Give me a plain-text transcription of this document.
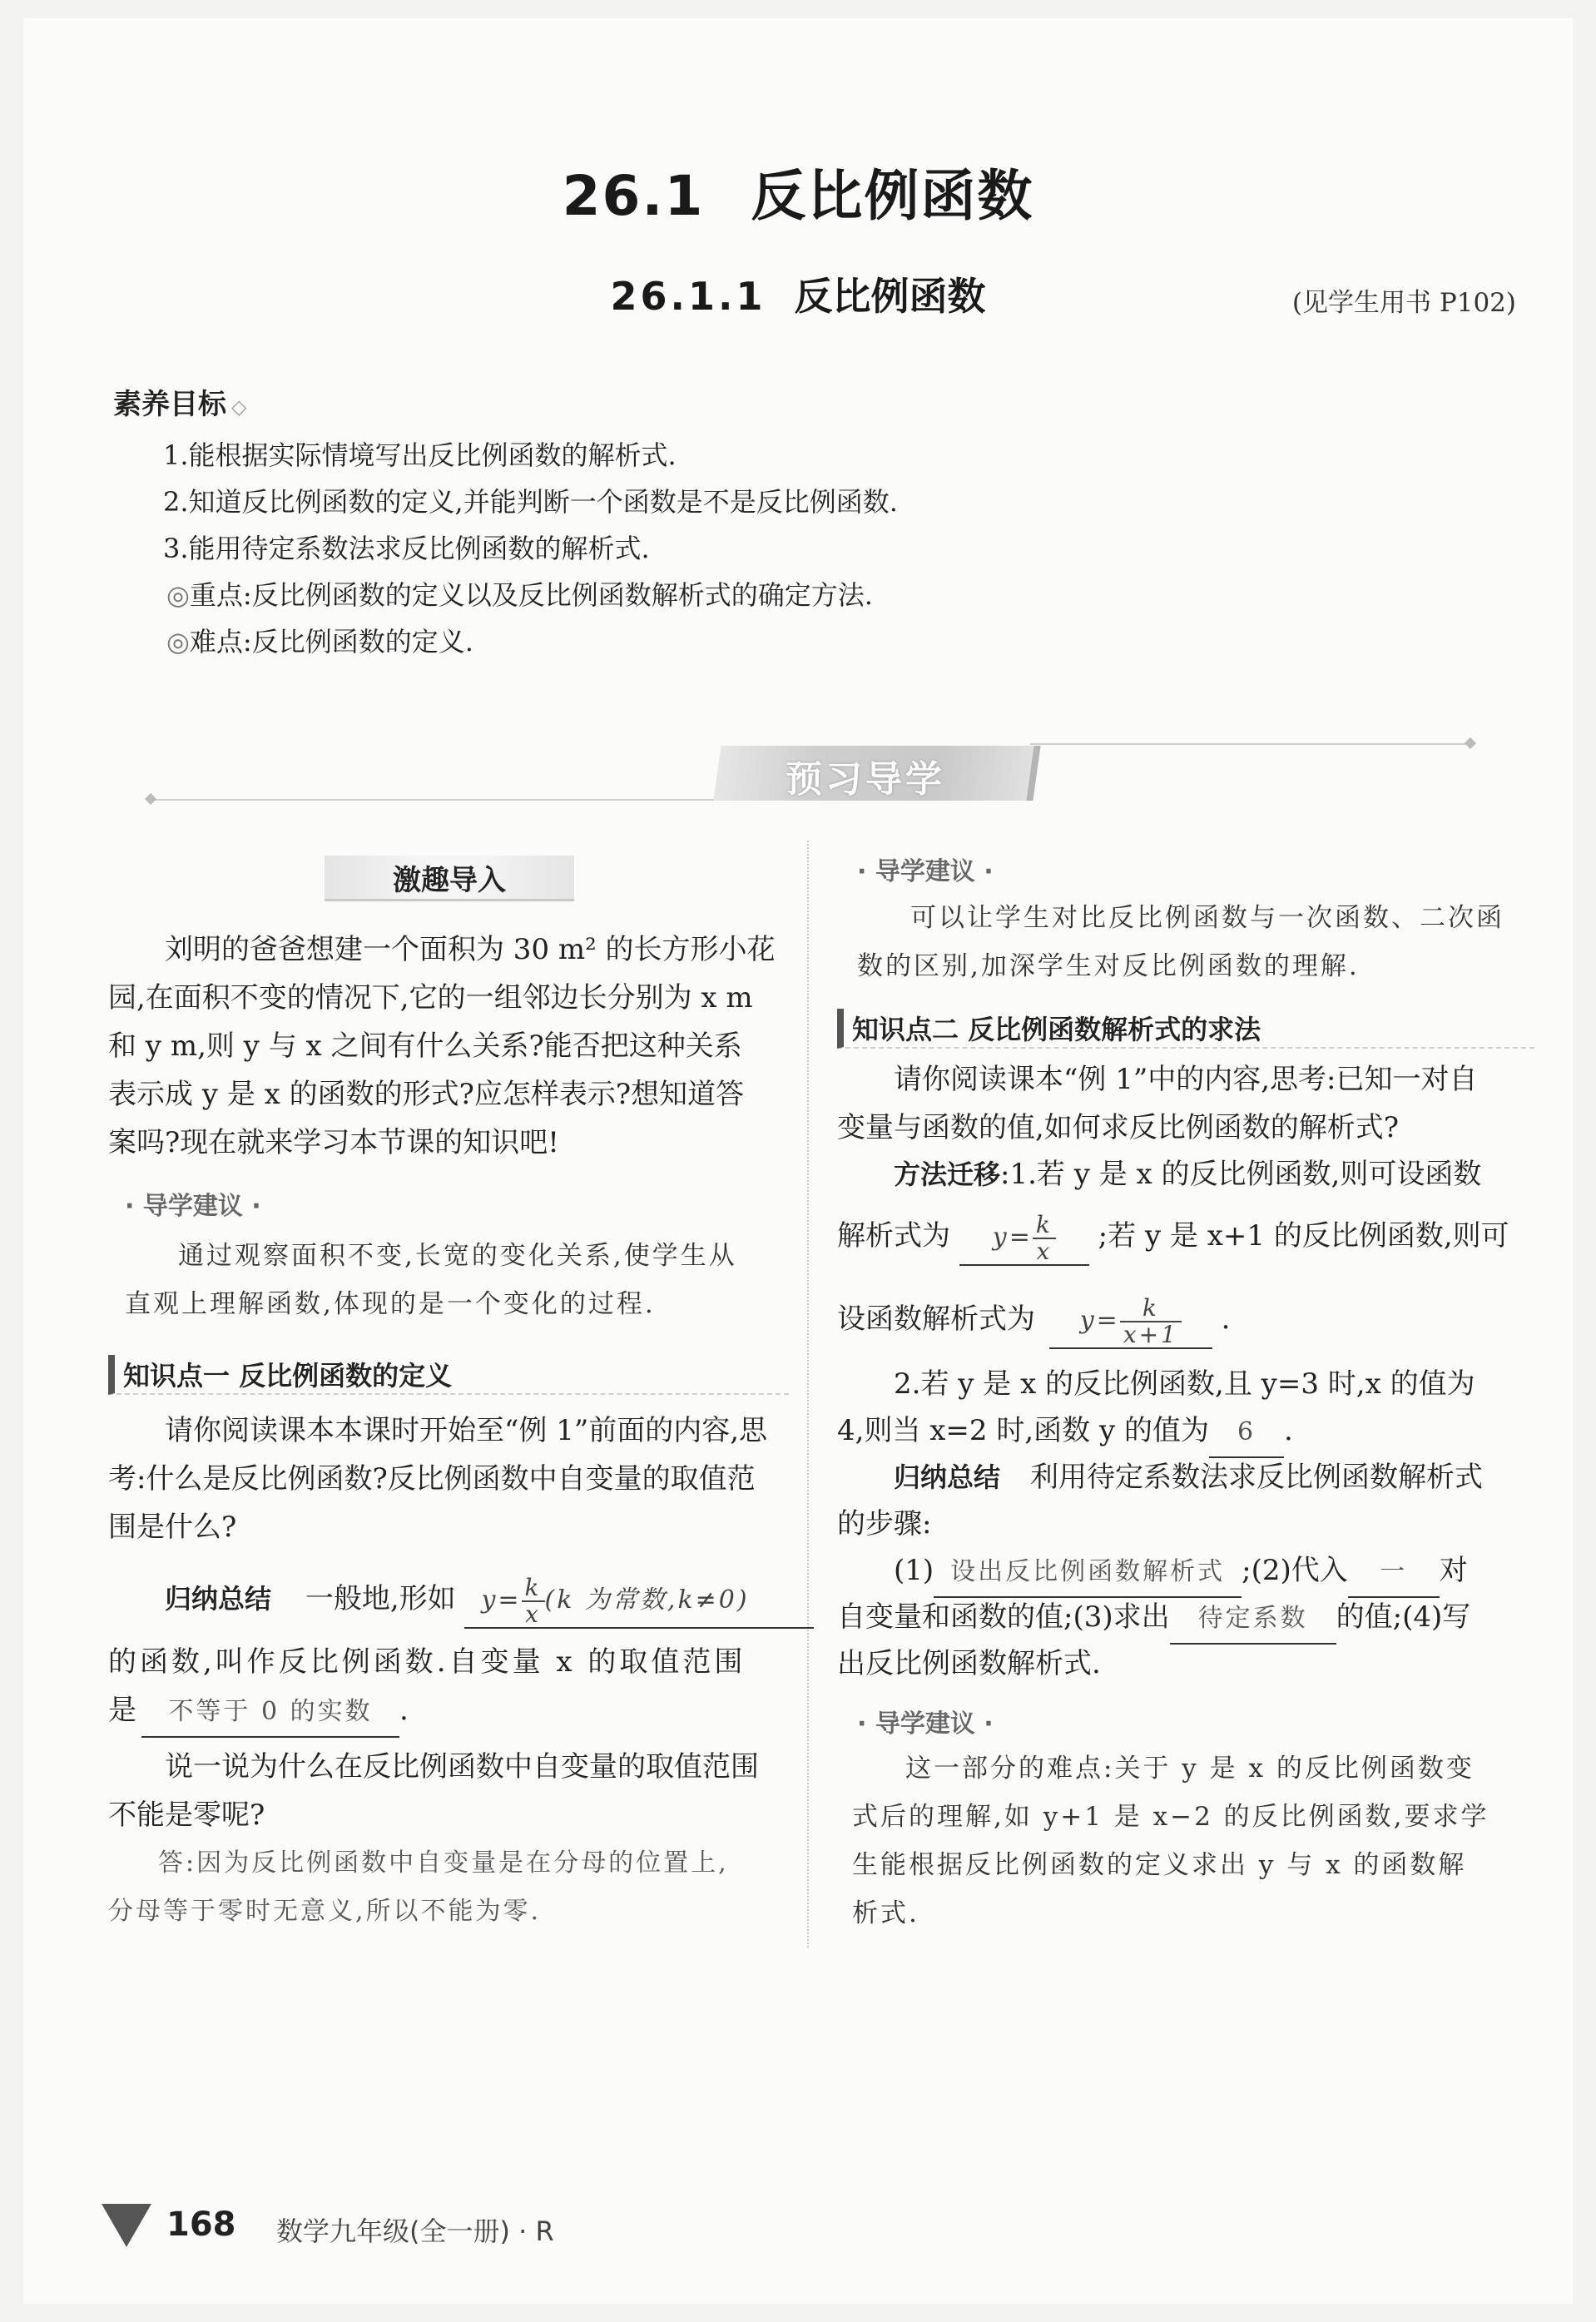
26.1 反比例函数
26.1.1 反比例函数	(见学生用书 P102)
素养目标 ◇
1.能根据实际情境写出反比例函数的解析式.
2.知道反比例函数的定义,并能判断一个函数是不是反比例函数.
3.能用待定系数法求反比例函数的解析式.
◎重点:反比例函数的定义以及反比例函数解析式的确定方法.
◎难点:反比例函数的定义.
预习导学
激趣导入

刘明的爸爸想建一个面积为 30 m² 的长方形小花

园,在面积不变的情况下,它的一组邻边长分别为 x m

和 y m,则 y 与 x 之间有什么关系?能否把这种关系

表示成 y 是 x 的函数的形式?应怎样表示?想知道答

案吗?现在就来学习本节课的知识吧!

· 导学建议 ·
通过观察面积不变,长宽的变化关系,使学生从
直观上理解函数,体现的是一个变化的过程.
知识点一 反比例函数的定义

请你阅读课本本课时开始至“例 1”前面的内容,思

考:什么是反比例函数?反比例函数中自变量的取值范

围是什么?

归纳总结 一般地,形如 $y= \frac{k}{x} (k$ 为常数,k≠0)
的函数,叫作反比例函数.自变量 x 的取值范围
是 不等于 0 的实数 .

说一说为什么在反比例函数中自变量的取值范围

不能是零呢?

答:因为反比例函数中自变量是在分母的位置上,
分母等于零时无意义,所以不能为零.
· 导学建议 ·
可以让学生对比反比例函数与一次函数、二次函
数的区别,加深学生对反比例函数的理解.
知识点二 反比例函数解析式的求法

请你阅读课本“例 1”中的内容,思考:已知一对自

变量与函数的值,如何求反比例函数的解析式?

方法迁移:1.若 y 是 x 的反比例函数,则可设函数
解析式为 $y= \frac{k}{x}$ ;若 y 是 x+1 的反比例函数,则可
设函数解析式为 $y= \frac{k}{x+1}$ .
2.若 y 是 x 的反比例函数,且 y=3 时,x 的值为
4,则当 x=2 时,函数 y 的值为 6 .
归纳总结 利用待定系数法求反比例函数解析式
的步骤:
(1) 设出反比例函数解析式 ;(2)代入 一 对
自变量和函数的值;(3)求出 待定系数 的值;(4)写
出反比例函数解析式.
· 导学建议 ·
这一部分的难点:关于 y 是 x 的反比例函数变
式后的理解,如 y+1 是 x−2 的反比例函数,要求学
生能根据反比例函数的定义求出 y 与 x 的函数解
析式.
168 数学九年级(全一册) · R
